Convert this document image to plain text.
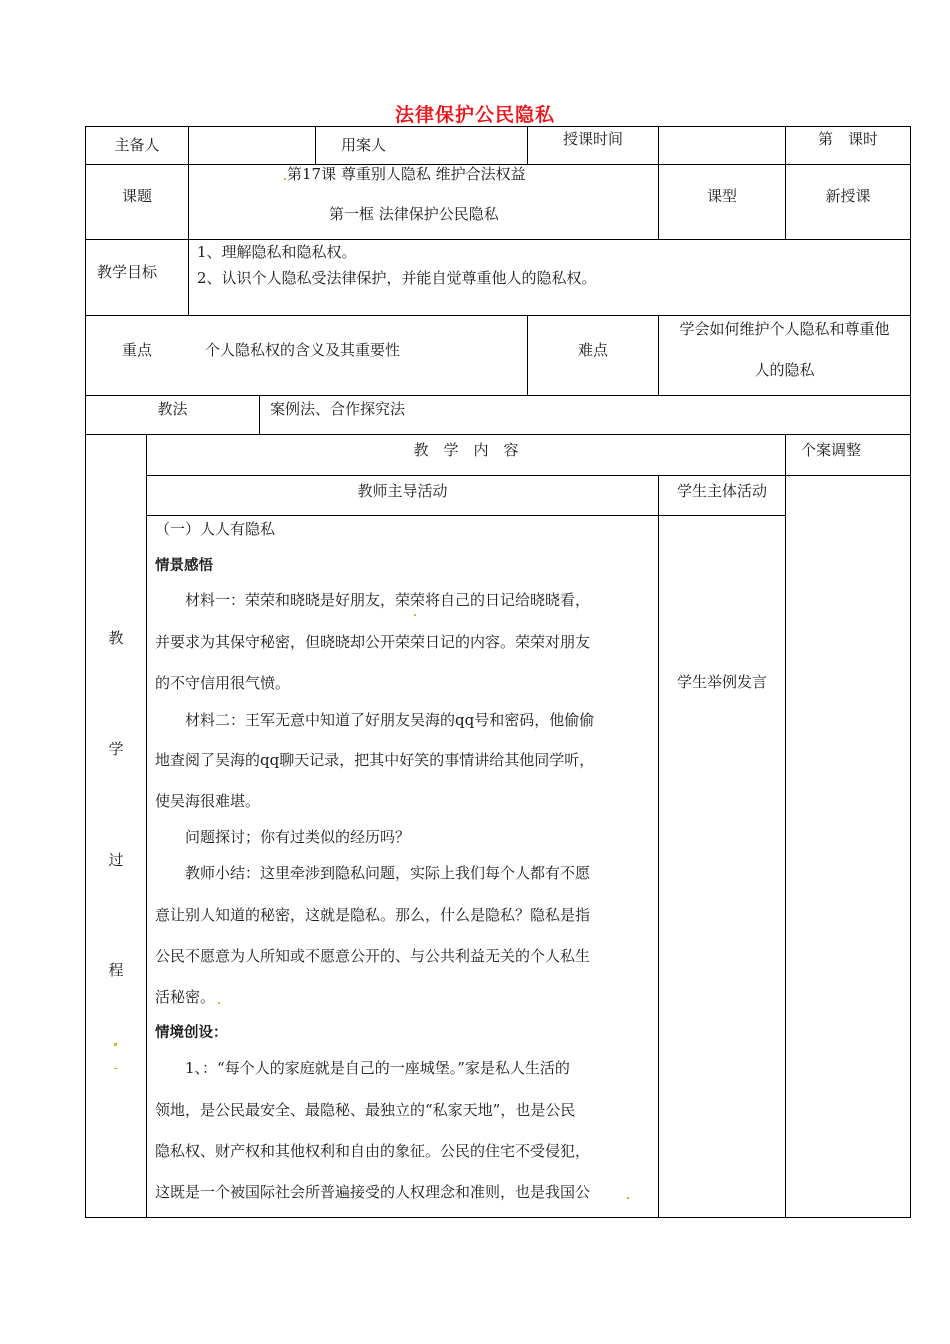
法律保护公民隐私
主备人	用案人	授课时间	第　课时
课题
第17课 尊重别人隐私 维护合法权益
第一框 法律保护公民隐私
课型	新授课
教学目标
1、理解隐私和隐私权。
2、认识个人隐私受法律保护，并能自觉尊重他人的隐私权。
重点	个人隐私权的含义及其重要性	难点
学会如何维护个人隐私和尊重他
人的隐私
教法	案例法、合作探究法
教　学　内　容	个案调整
教师主导活动	学生主体活动
教
学
过
程
学生举例发言
（一）人人有隐私
情景感悟
　　材料一：荣荣和晓晓是好朋友，荣荣将自己的日记给晓晓看，
并要求为其保守秘密，但晓晓却公开荣荣日记的内容。荣荣对朋友
的不守信用很气愤。
　　材料二：王军无意中知道了好朋友吴海的qq号和密码，他偷偷
地查阅了吴海的qq聊天记录，把其中好笑的事情讲给其他同学听，
使吴海很难堪。
　　问题探讨；你有过类似的经历吗？
　　教师小结：这里牵涉到隐私问题，实际上我们每个人都有不愿
意让别人知道的秘密，这就是隐私。那么，什么是隐私？隐私是指
公民不愿意为人所知或不愿意公开的、与公共利益无关的个人私生
活秘密。
情境创设：
　　1、：“每个人的家庭就是自己的一座城堡。”家是私人生活的
领地，是公民最安全、最隐秘、最独立的“私家天地”，也是公民
隐私权、财产权和其他权利和自由的象征。公民的住宅不受侵犯，
这既是一个被国际社会所普遍接受的人权理念和准则，也是我国公
